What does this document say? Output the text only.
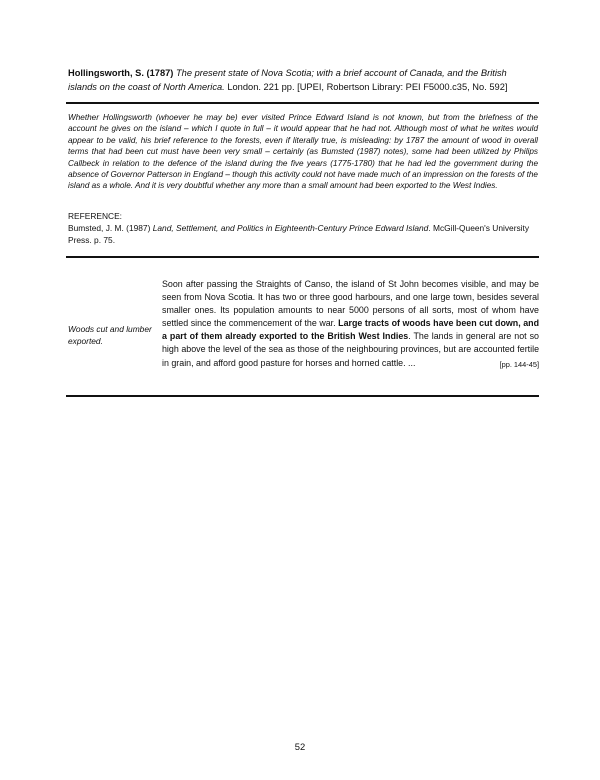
Hollingsworth, S. (1787) The present state of Nova Scotia; with a brief account of Canada, and the British islands on the coast of North America. London. 221 pp. [UPEI, Robertson Library: PEI F5000.c35, No. 592]

Whether Hollingsworth (whoever he may be) ever visited Prince Edward Island is not known, but from the briefness of the account he gives on the island – which I quote in full – it would appear that he had not. Although most of what he writes would appear to be valid, his brief reference to the forests, even if literally true, is misleading: by 1787 the amount of wood in overall terms that had been cut must have been very small – certainly (as Bumsted (1987) notes), some had been utilized by Philips Callbeck in relation to the defence of the island during the five years (1775-1780) that he had led the government during the absence of Governor Patterson in England – though this activity could not have made much of an impression on the forests of the island as a whole. And it is very doubtful whether any more than a small amount had been exported to the West Indies.

REFERENCE:

Bumsted, J. M. (1987) Land, Settlement, and Politics in Eighteenth-Century Prince Edward Island. McGill-Queen's University Press. p. 75.

Woods cut and lumber exported.

Soon after passing the Straights of Canso, the island of St John becomes visible, and may be seen from Nova Scotia. It has two or three good harbours, and one large town, besides several smaller ones. Its population amounts to near 5000 persons of all sorts, most of whom have settled since the commencement of the war. Large tracts of woods have been cut down, and a part of them already exported to the British West Indies. The lands in general are not so high above the level of the sea as those of the neighbouring provinces, but are accounted fertile in grain, and afford good pasture for horses and horned cattle. ...	[pp. 144-45]

52
